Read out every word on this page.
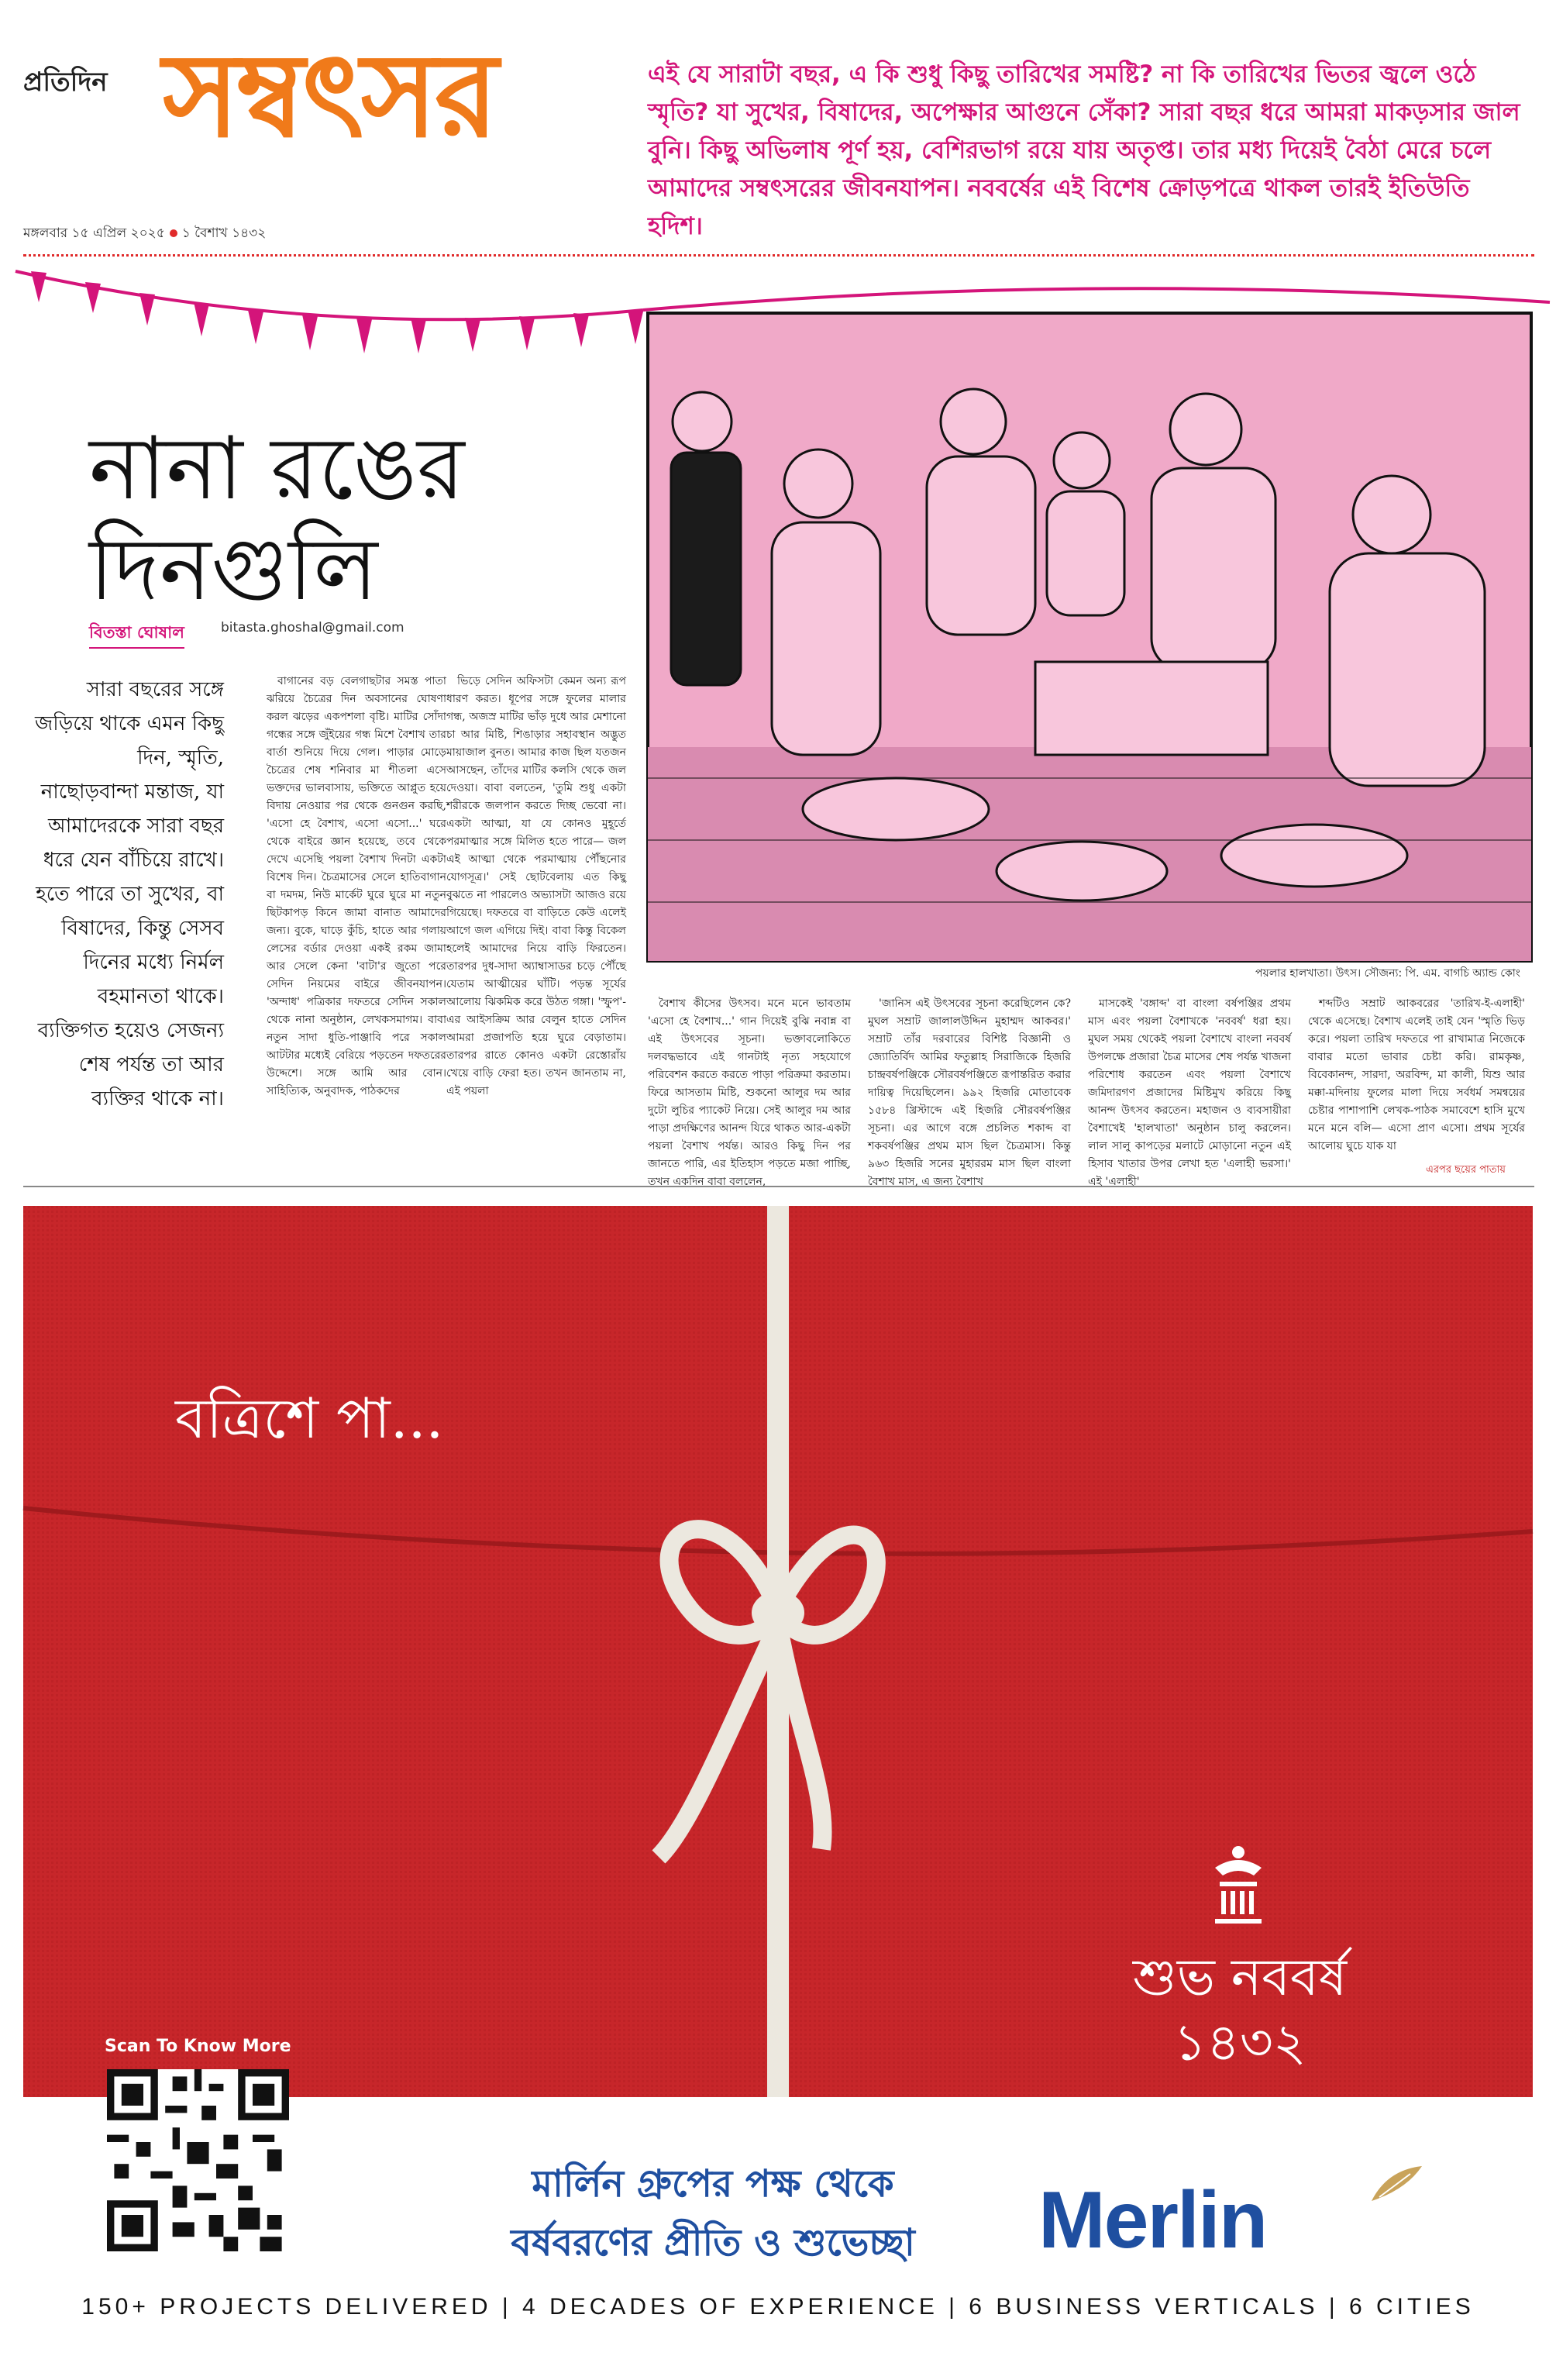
প্রতিদিন সম্বৎসর
মঙ্গলবার ১৫ এপ্রিল ২০২৫ ১ বৈশাখ ১৪৩২
এই যে সারাটা বছর, এ কি শুধু কিছু তারিখের সমষ্টি? না কি তারিখের ভিতর জ্বলে ওঠে স্মৃতি? যা সুখের, বিষাদের, অপেক্ষার আগুনে সেঁকা? সারা বছর ধরে আমরা মাকড়সার জাল বুনি। কিছু অভিলাষ পূর্ণ হয়, বেশিরভাগ রয়ে যায় অতৃপ্ত। তার মধ্য দিয়েই বৈঠা মেরে চলে আমাদের সম্বৎসরের জীবনযাপন। নববর্ষের এই বিশেষ ক্রোড়পত্রে থাকল তারই ইতিউতি হদিশ।
পয়লার হালখাতা। উৎস। সৌজন্য: পি. এম. বাগচি অ্যান্ড কোং
নানা রঙের
দিনগুলি
বিতস্তা ঘোষাল	bitasta.ghoshal@gmail.com
সারা বছরের সঙ্গে জড়িয়ে থাকে এমন কিছু দিন, স্মৃতি, নাছোড়বান্দা মন্তাজ, যা আমাদেরকে সারা বছর ধরে যেন বাঁচিয়ে রাখে। হতে পারে তা সুখের, বা বিষাদের, কিন্তু সেসব দিনের মধ্যে নির্মল বহমানতা থাকে। ব্যক্তিগত হয়েও সেজন্য শেষ পর্যন্ত তা আর ব্যক্তির থাকে না।

বাগানের বড় বেলগাছটার সমস্ত পাতা ঝরিয়ে চৈত্রের দিন অবসানের ঘোষণা করল ঝড়ের একপশলা বৃষ্টি। মাটির সোঁদা গন্ধের সঙ্গে জুঁইয়ের গন্ধ মিশে বৈশাখ তার বার্তা শুনিয়ে দিয়ে গেল। পাড়ার মোড়ে চৈত্রের শেষ শনিবার মা শীতলা এসে ভক্তদের ভালবাসায়, ভক্তিতে আপ্লুত হয়ে বিদায় নেওয়ার পর থেকে গুনগুন করছি, 'এসো হে বৈশাখ, এসো এসো...' ঘরে থেকে বাইরে জ্ঞান হয়েছে, তবে থেকে দেখে এসেছি পয়লা বৈশাখ দিনটা একটা বিশেষ দিন। চৈত্রমাসের সেলে হাতিবাগান বা দমদম, নিউ মার্কেট ঘুরে ঘুরে মা নতুন ছিটকাপড় কিনে জামা বানাত আমাদের জন্য। বুকে, ঘাড়ে কুঁচি, হাতে আর গলায় লেসের বর্ডার দেওয়া একই রকম জামা আর সেলে কেনা 'বাটা'র জুতো পরে সেদিন নিয়মের বাইরে জীবনযাপন। 'অন্দাধ' পত্রিকার দফতরে সেদিন সকাল থেকে নানা অনুষ্ঠান, লেখকসমাগম। বাবা নতুন সাদা ধুতি-পাঞ্জাবি পরে সকাল আটটার মধ্যেই বেরিয়ে পড়তেন দফতরের উদ্দেশে। সঙ্গে আমি আর বোন। সাহিত্যিক, অনুবাদক, পাঠকদের

ভিড়ে সেদিন অফিসটা কেমন অন্য রূপ ধারণ করত। ধূপের সঙ্গে ফুলের মালার গন্ধ, অজস্র মাটির ভাঁড় দুধে আর মেশানো চা আর মিষ্টি, শিঙাড়ার সহাবস্থান অদ্ভুত মায়াজাল বুনত। আমার কাজ ছিল যতজন আসছেন, তাঁদের মাটির কলসি থেকে জল দেওয়া। বাবা বলতেন, 'তুমি শুধু একটা শরীরকে জলপান করতে দিচ্ছ ভেবো না। একটা আত্মা, যা যে কোনও মুহূর্তে পরমাত্মার সঙ্গে মিলিত হতে পারে— জল এই আত্মা থেকে পরমাত্মায় পৌঁছনোর যোগসূত্র।' সেই ছোটবেলায় এত কিছু বুঝতে না পারলেও অভ্যাসটা আজও রয়ে গিয়েছে। দফতরে বা বাড়িতে কেউ এলেই আগে জল এগিয়ে দিই। বাবা কিন্তু বিকেল হলেই আমাদের নিয়ে বাড়ি ফিরতেন। তারপর দুধ-সাদা অ্যাম্বাসাডর চড়ে পৌঁছে যেতাম আত্মীয়ের ঘাঁটি। পড়ন্ত সূর্যের আলোয় ঝিকমিক করে উঠত গঙ্গা। 'স্ফুপ'-এর আইসক্রিম আর বেলুন হাতে সেদিন আমরা প্রজাপতি হয়ে ঘুরে বেড়াতাম। তারপর রাতে কোনও একটা রেস্তোরাঁয় খেয়ে বাড়ি ফেরা হত। তখন জানতাম না, এই পয়লা

বৈশাখ কীসের উৎসব। মনে মনে ভাবতাম 'এসো হে বৈশাখ...' গান দিয়েই বুঝি নবান্ন বা এই উৎসবের সূচনা। ভক্তাবলোকিতে দলবদ্ধভাবে এই গানটাই নৃত্য সহযোগে পরিবেশন করতে করতে পাড়া পরিক্রমা করতাম। ফিরে আসতাম মিষ্টি, শুকনো আলুর দম আর দুটো লুচির প্যাকেট নিয়ে। সেই আলুর দম আর পাড়া প্রদক্ষিণের আনন্দ যিরে থাকত আর-একটা পয়লা বৈশাখ পর্যন্ত। আরও কিছু দিন পর জানতে পারি, এর ইতিহাস পড়তে মজা পাচ্ছি, তখন একদিন বাবা বললেন,

'জানিস এই উৎসবের সূচনা করেছিলেন কে? মুঘল সম্রাট জালালউদ্দিন মুহাম্মদ আকবর।' সম্রাট তাঁর দরবারের বিশিষ্ট বিজ্ঞানী ও জ্যোতির্বিদ আমির ফতুল্লাহ সিরাজিকে হিজরি চান্দ্রবর্ষপঞ্জিকে সৌরবর্ষপঞ্জিতে রূপান্তরিত করার দায়িত্ব দিয়েছিলেন। ৯৯২ হিজরি মোতাবেক ১৫৮৪ খ্রিস্টাব্দে এই হিজরি সৌরবর্ষপঞ্জির সূচনা। এর আগে বঙ্গে প্রচলিত শকাব্দ বা শকবর্ষপঞ্জির প্রথম মাস ছিল চৈত্রমাস। কিন্তু ৯৬৩ হিজরি সনের মুহাররম মাস ছিল বাংলা বৈশাখ মাস, এ জন্য বৈশাখ

মাসকেই 'বঙ্গাব্দ' বা বাংলা বর্ষপঞ্জির প্রথম মাস এবং পয়লা বৈশাখকে 'নববর্ষ' ধরা হয়। মুঘল সময় থেকেই পয়লা বৈশাখে বাংলা নববর্ষ উপলক্ষে প্রজারা চৈত্র মাসের শেষ পর্যন্ত খাজনা পরিশোধ করতেন এবং পয়লা বৈশাখে জমিদারগণ প্রজাদের মিষ্টিমুখ করিয়ে কিছু আনন্দ উৎসব করতেন। মহাজন ও ব্যবসায়ীরা বৈশাখেই 'হালখাতা' অনুষ্ঠান চালু করলেন। লাল সালু কাপড়ের মলাটে মোড়ানো নতুন এই হিসাব খাতার উপর লেখা হত 'এলাহী ভরসা।' এই 'এলাহী'

শব্দটিও সম্রাট আকবরের 'তারিখ-ই-এলাহী' থেকে এসেছে। বৈশাখ এলেই তাই যেন 'স্মৃতি ভিড় করে। পয়লা তারিখ দফতরে পা রাখামাত্র নিজেকে বাবার মতো ভাবার চেষ্টা করি। রামকৃষ্ণ, বিবেকানন্দ, সারদা, অরবিন্দ, মা কালী, যিশু আর মক্কা-মদিনায় ফুলের মালা দিয়ে সর্বধর্ম সমন্বয়ের চেষ্টার পাশাপাশি লেখক-পাঠক সমাবেশে হাসি মুখে মনে মনে বলি— এসো প্রাণ এসো। প্রথম সূর্যের আলোয় ঘুচে যাক যা

এরপর ছয়ের পাতায়
বত্রিশে পা...
শুভ নববর্ষ
১৪৩২
Scan To Know More
মার্লিন গ্রুপের পক্ষ থেকে
বর্ষবরণের প্রীতি ও শুভেচ্ছা	Merlin
150+ PROJECTS DELIVERED | 4 DECADES OF EXPERIENCE | 6 BUSINESS VERTICALS | 6 CITIES
